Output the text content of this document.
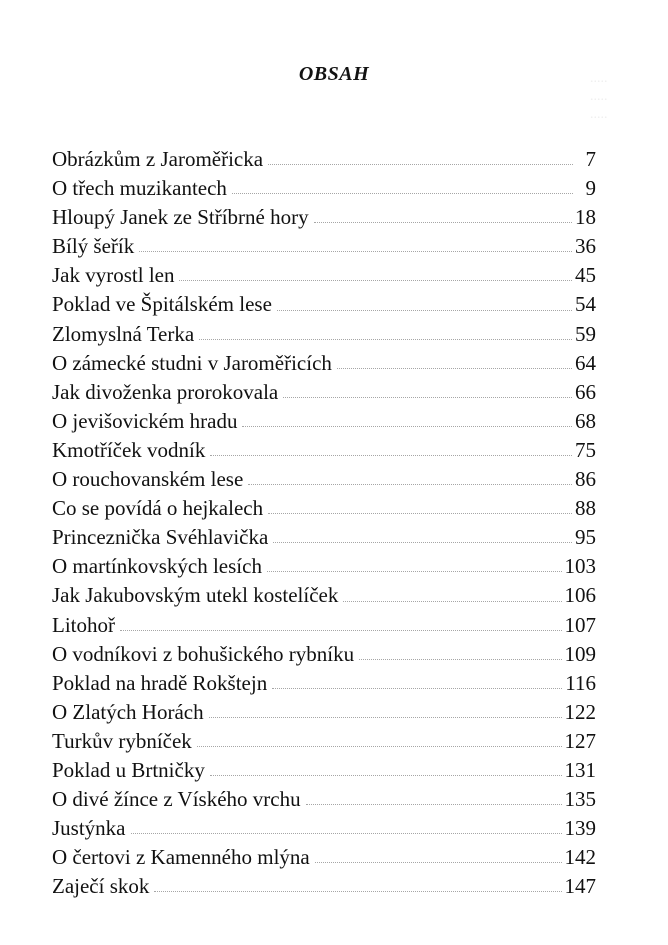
.....
.....
.....
OBSAH
Obrázkům z Jaroměřicka	7
O třech muzikantech	9
Hloupý Janek ze Stříbrné hory	18
Bílý šeřík	36
Jak vyrostl len	45
Poklad ve Špitálském lese	54
Zlomyslná Terka	59
O zámecké studni v Jaroměřicích	64
Jak divoženka prorokovala	66
O jevišovickém hradu	68
Kmotříček vodník	75
O rouchovanském lese	86
Co se povídá o hejkalech	88
Princeznička Svéhlavička	95
O martínkovských lesích	103
Jak Jakubovským utekl kostelíček	106
Litohoř	107
O vodníkovi z bohušického rybníku	109
Poklad na hradě Rokštejn	116
O Zlatých Horách	122
Turkův rybníček	127
Poklad u Brtničky	131
O divé žínce z Víského vrchu	135
Justýnka	139
O čertovi z Kamenného mlýna	142
Zaječí skok	147
